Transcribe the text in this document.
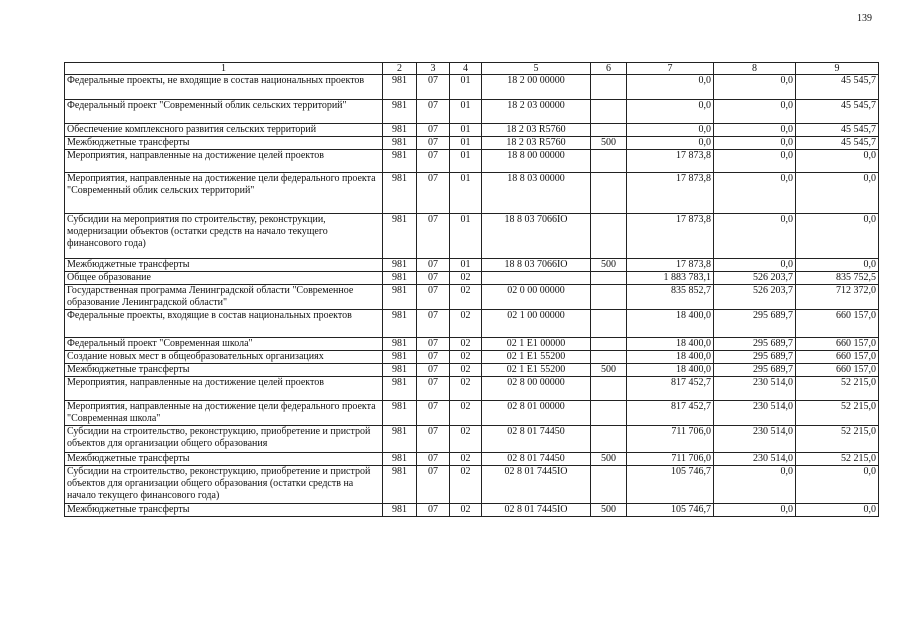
139
1	2	3	4	5	6	7	8	9
Федеральные проекты, не входящие в состав национальных проектов	981	07	01	18 2 00 00000		0,0	0,0	45 545,7
Федеральный проект "Современный облик сельских территорий"	981	07	01	18 2 03 00000		0,0	0,0	45 545,7
Обеспечение комплексного развития сельских территорий	981	07	01	18 2 03 R5760		0,0	0,0	45 545,7
Межбюджетные трансферты	981	07	01	18 2 03 R5760	500	0,0	0,0	45 545,7
Мероприятия, направленные на достижение целей проектов	981	07	01	18 8 00 00000		17 873,8	0,0	0,0
Мероприятия, направленные на достижение цели федерального проекта "Современный облик сельских территорий"	981	07	01	18 8 03 00000		17 873,8	0,0	0,0
Субсидии на мероприятия по строительству, реконструкции, модернизации объектов (остатки средств на начало текущего финансового года)	981	07	01	18 8 03 7066IO		17 873,8	0,0	0,0
Межбюджетные трансферты	981	07	01	18 8 03 7066IO	500	17 873,8	0,0	0,0
Общее образование	981	07	02			1 883 783,1	526 203,7	835 752,5
Государственная программа Ленинградской области "Современное образование Ленинградской области"	981	07	02	02 0 00 00000		835 852,7	526 203,7	712 372,0
Федеральные проекты, входящие в состав национальных проектов	981	07	02	02 1 00 00000		18 400,0	295 689,7	660 157,0
Федеральный проект "Современная школа"	981	07	02	02 1 E1 00000		18 400,0	295 689,7	660 157,0
Создание новых мест в общеобразовательных организациях	981	07	02	02 1 E1 55200		18 400,0	295 689,7	660 157,0
Межбюджетные трансферты	981	07	02	02 1 E1 55200	500	18 400,0	295 689,7	660 157,0
Мероприятия, направленные на достижение целей проектов	981	07	02	02 8 00 00000		817 452,7	230 514,0	52 215,0
Мероприятия, направленные на достижение цели федерального проекта "Современная школа"	981	07	02	02 8 01 00000		817 452,7	230 514,0	52 215,0
Субсидии на строительство, реконструкцию, приобретение и пристрой объектов для организации общего образования	981	07	02	02 8 01 74450		711 706,0	230 514,0	52 215,0
Межбюджетные трансферты	981	07	02	02 8 01 74450	500	711 706,0	230 514,0	52 215,0
Субсидии на строительство, реконструкцию, приобретение и пристрой объектов для организации общего образования (остатки средств на начало текущего финансового года)	981	07	02	02 8 01 7445IO		105 746,7	0,0	0,0
Межбюджетные трансферты	981	07	02	02 8 01 7445IO	500	105 746,7	0,0	0,0
